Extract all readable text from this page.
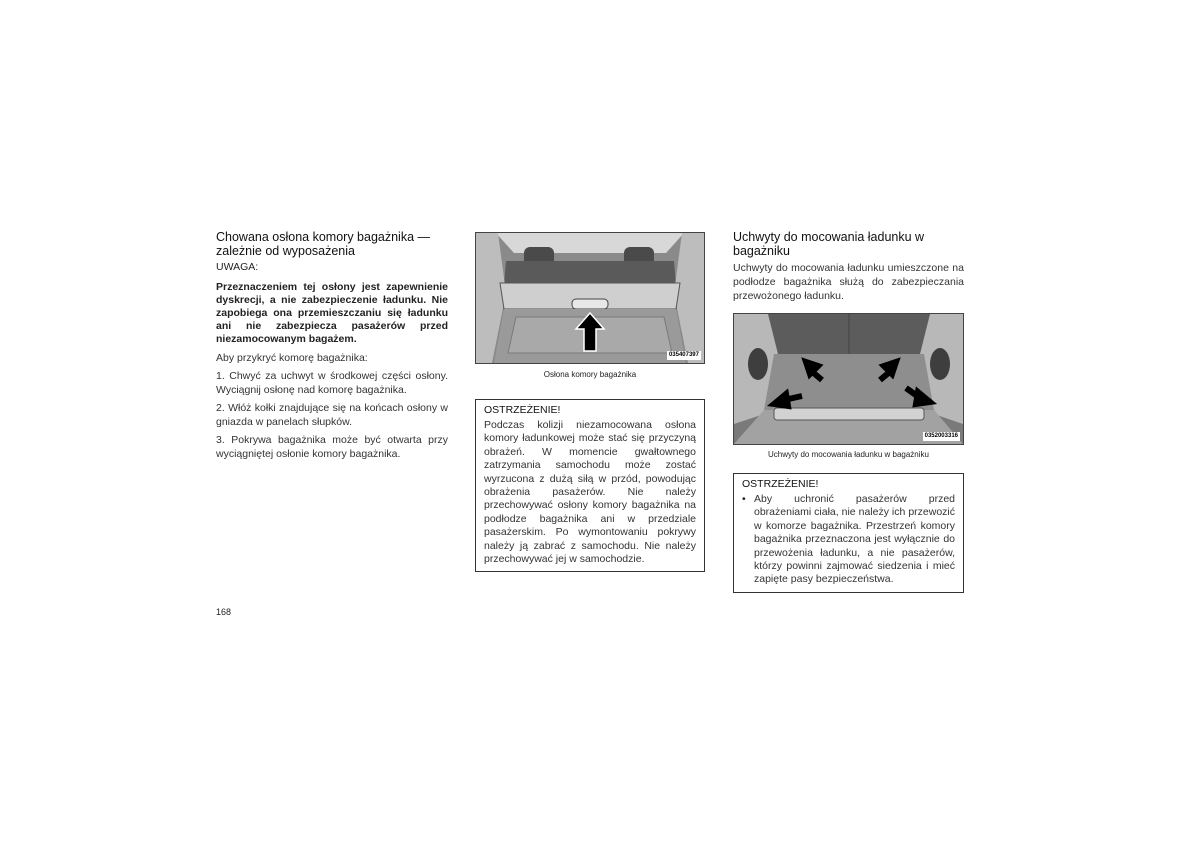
Chowana osłona komory bagażnika — zależnie od wyposażenia
UWAGA:
Przeznaczeniem tej osłony jest zapewnienie dyskrecji, a nie zabezpieczenie ładunku. Nie zapobiega ona przemieszczaniu się ładunku ani nie zabezpiecza pasażerów przed niezamocowanym bagażem.

Aby przykryć komorę bagażnika:

1. Chwyć za uchwyt w środkowej części osłony. Wyciągnij osłonę nad komorę bagażnika.

2. Włóż kołki znajdujące się na końcach osłony w gniazda w panelach słupków.

3. Pokrywa bagażnika może być otwarta przy wyciągniętej osłonie komory bagażnika.

035407397
Osłona komory bagażnika
OSTRZEŻENIE!

Podczas kolizji niezamocowana osłona komory ładunkowej może stać się przyczyną obrażeń. W momencie gwałtownego zatrzymania samochodu może zostać wyrzucona z dużą siłą w przód, powodując obrażenia pasażerów. Nie należy przechowywać osłony komory bagażnika na podłodze bagażnika ani w przedziale pasażerskim. Po wymontowaniu pokrywy należy ją zabrać z samochodu. Nie należy przechowywać jej w samochodzie.

Uchwyty do mocowania ładunku w bagażniku

Uchwyty do mocowania ładunku umieszczone na podłodze bagażnika służą do zabezpieczania przewożonego ładunku.

0352003316
Uchwyty do mocowania ładunku w bagażniku
OSTRZEŻENIE!
• Aby uchronić pasażerów przed obrażeniami ciała, nie należy ich przewozić w komorze bagażnika. Przestrzeń komory bagażnika przeznaczona jest wyłącznie do przewożenia ładunku, a nie pasażerów, którzy powinni zajmować siedzenia i mieć zapięte pasy bezpieczeństwa.

168
